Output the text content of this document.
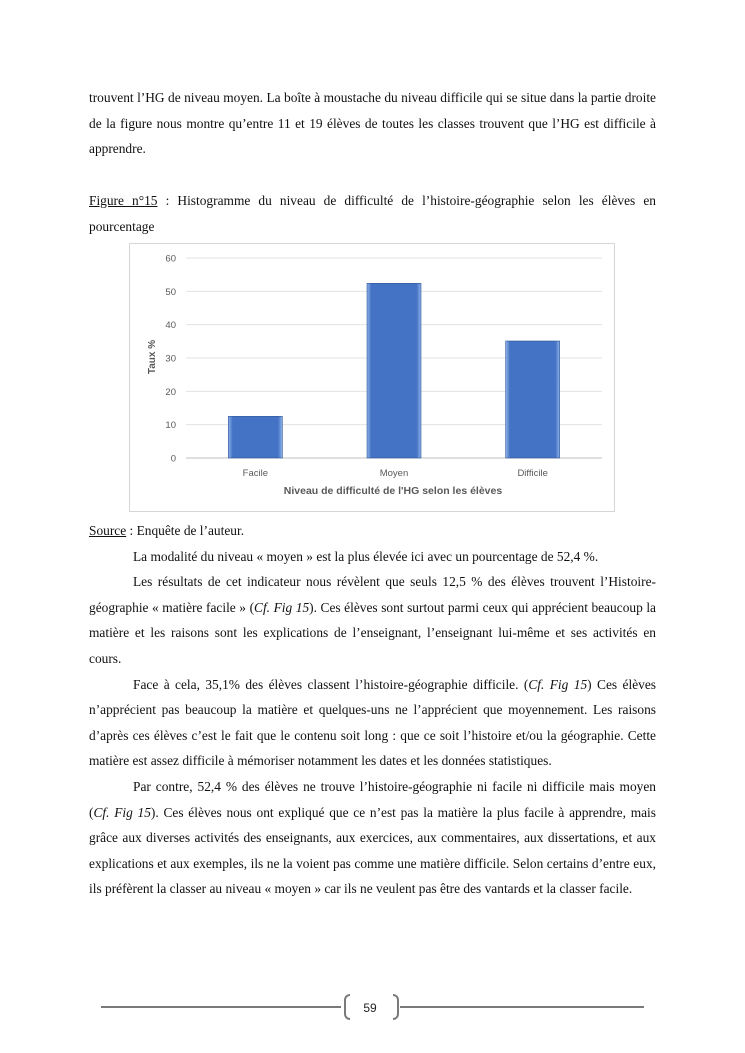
trouvent l’HG de niveau moyen. La boîte à moustache du niveau difficile qui se situe dans la partie droite de la figure nous montre qu’entre 11 et 19 élèves de toutes les classes trouvent que l’HG est difficile à apprendre.

Figure n°15 : Histogramme du niveau de difficulté de l’histoire-géographie selon les élèves en pourcentage

0
10
20
30
40
50
60
Facile	Moyen	Difficile
Taux %
Niveau de difficulté de l'HG selon les élèves

Source : Enquête de l’auteur.

La modalité du niveau « moyen » est la plus élevée ici avec un pourcentage de 52,4 %.

Les résultats de cet indicateur nous révèlent que seuls 12,5 % des élèves trouvent l’Histoire-géographie « matière facile » (Cf. Fig 15). Ces élèves sont surtout parmi ceux qui apprécient beaucoup la matière et les raisons sont les explications de l’enseignant, l’enseignant lui-même et ses activités en cours.

Face à cela, 35,1% des élèves classent l’histoire-géographie difficile. (Cf. Fig 15) Ces élèves n’apprécient pas beaucoup la matière et quelques-uns ne l’apprécient que moyennement. Les raisons d’après ces élèves c’est le fait que le contenu soit long : que ce soit l’histoire et/ou la géographie. Cette matière est assez difficile à mémoriser notamment les dates et les données statistiques.

Par contre, 52,4 % des élèves ne trouve l’histoire-géographie ni facile ni difficile mais moyen (Cf. Fig 15). Ces élèves nous ont expliqué que ce n’est pas la matière la plus facile à apprendre, mais grâce aux diverses activités des enseignants, aux exercices, aux commentaires, aux dissertations, et aux explications et aux exemples, ils ne la voient pas comme une matière difficile. Selon certains d’entre eux, ils préfèrent la classer au niveau « moyen » car ils ne veulent pas être des vantards et la classer facile.

59
